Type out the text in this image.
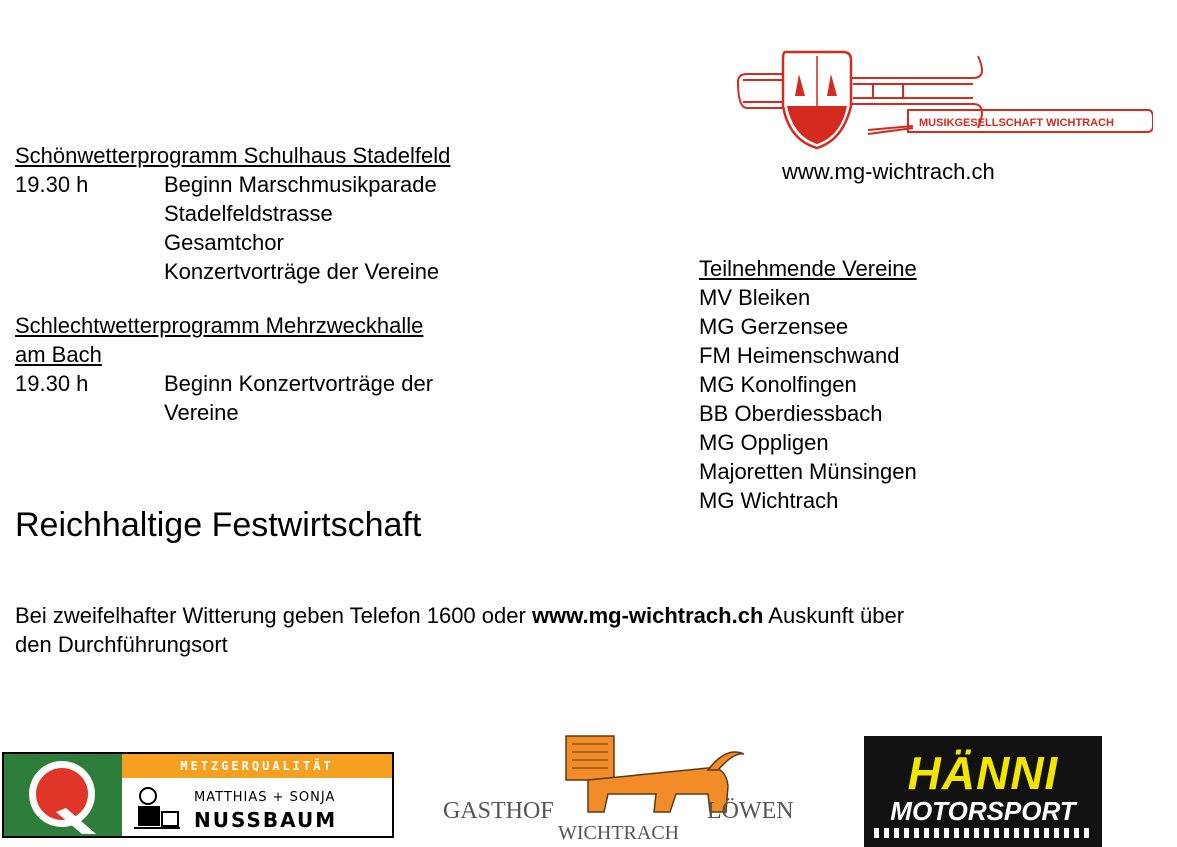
MUSIKGESELLSCHAFT WICHTRACH
www.mg-wichtrach.ch
Schönwetterprogramm Schulhaus Stadelfeld
19.30 h	Beginn Marschmusikparade
Stadelfeldstrasse
Gesamtchor
Konzertvorträge der Vereine
Schlechtwetterprogramm Mehrzweckhalle
am Bach
19.30 h	Beginn Konzertvorträge der
Vereine
Teilnehmende Vereine
MV Bleiken
MG Gerzensee
FM Heimenschwand
MG Konolfingen
BB Oberdiessbach
MG Oppligen
Majoretten Münsingen
MG Wichtrach
Reichhaltige Festwirtschaft
Bei zweifelhafter Witterung geben Telefon 1600 oder www.mg-wichtrach.ch Auskunft über
den Durchführungsort
METZGERQUALITÄT
MATTHIAS + SONJA
NUSSBAUM	GASTHOF	LÖWEN
WICHTRACH
HÄNNI
MOTORSPORT
